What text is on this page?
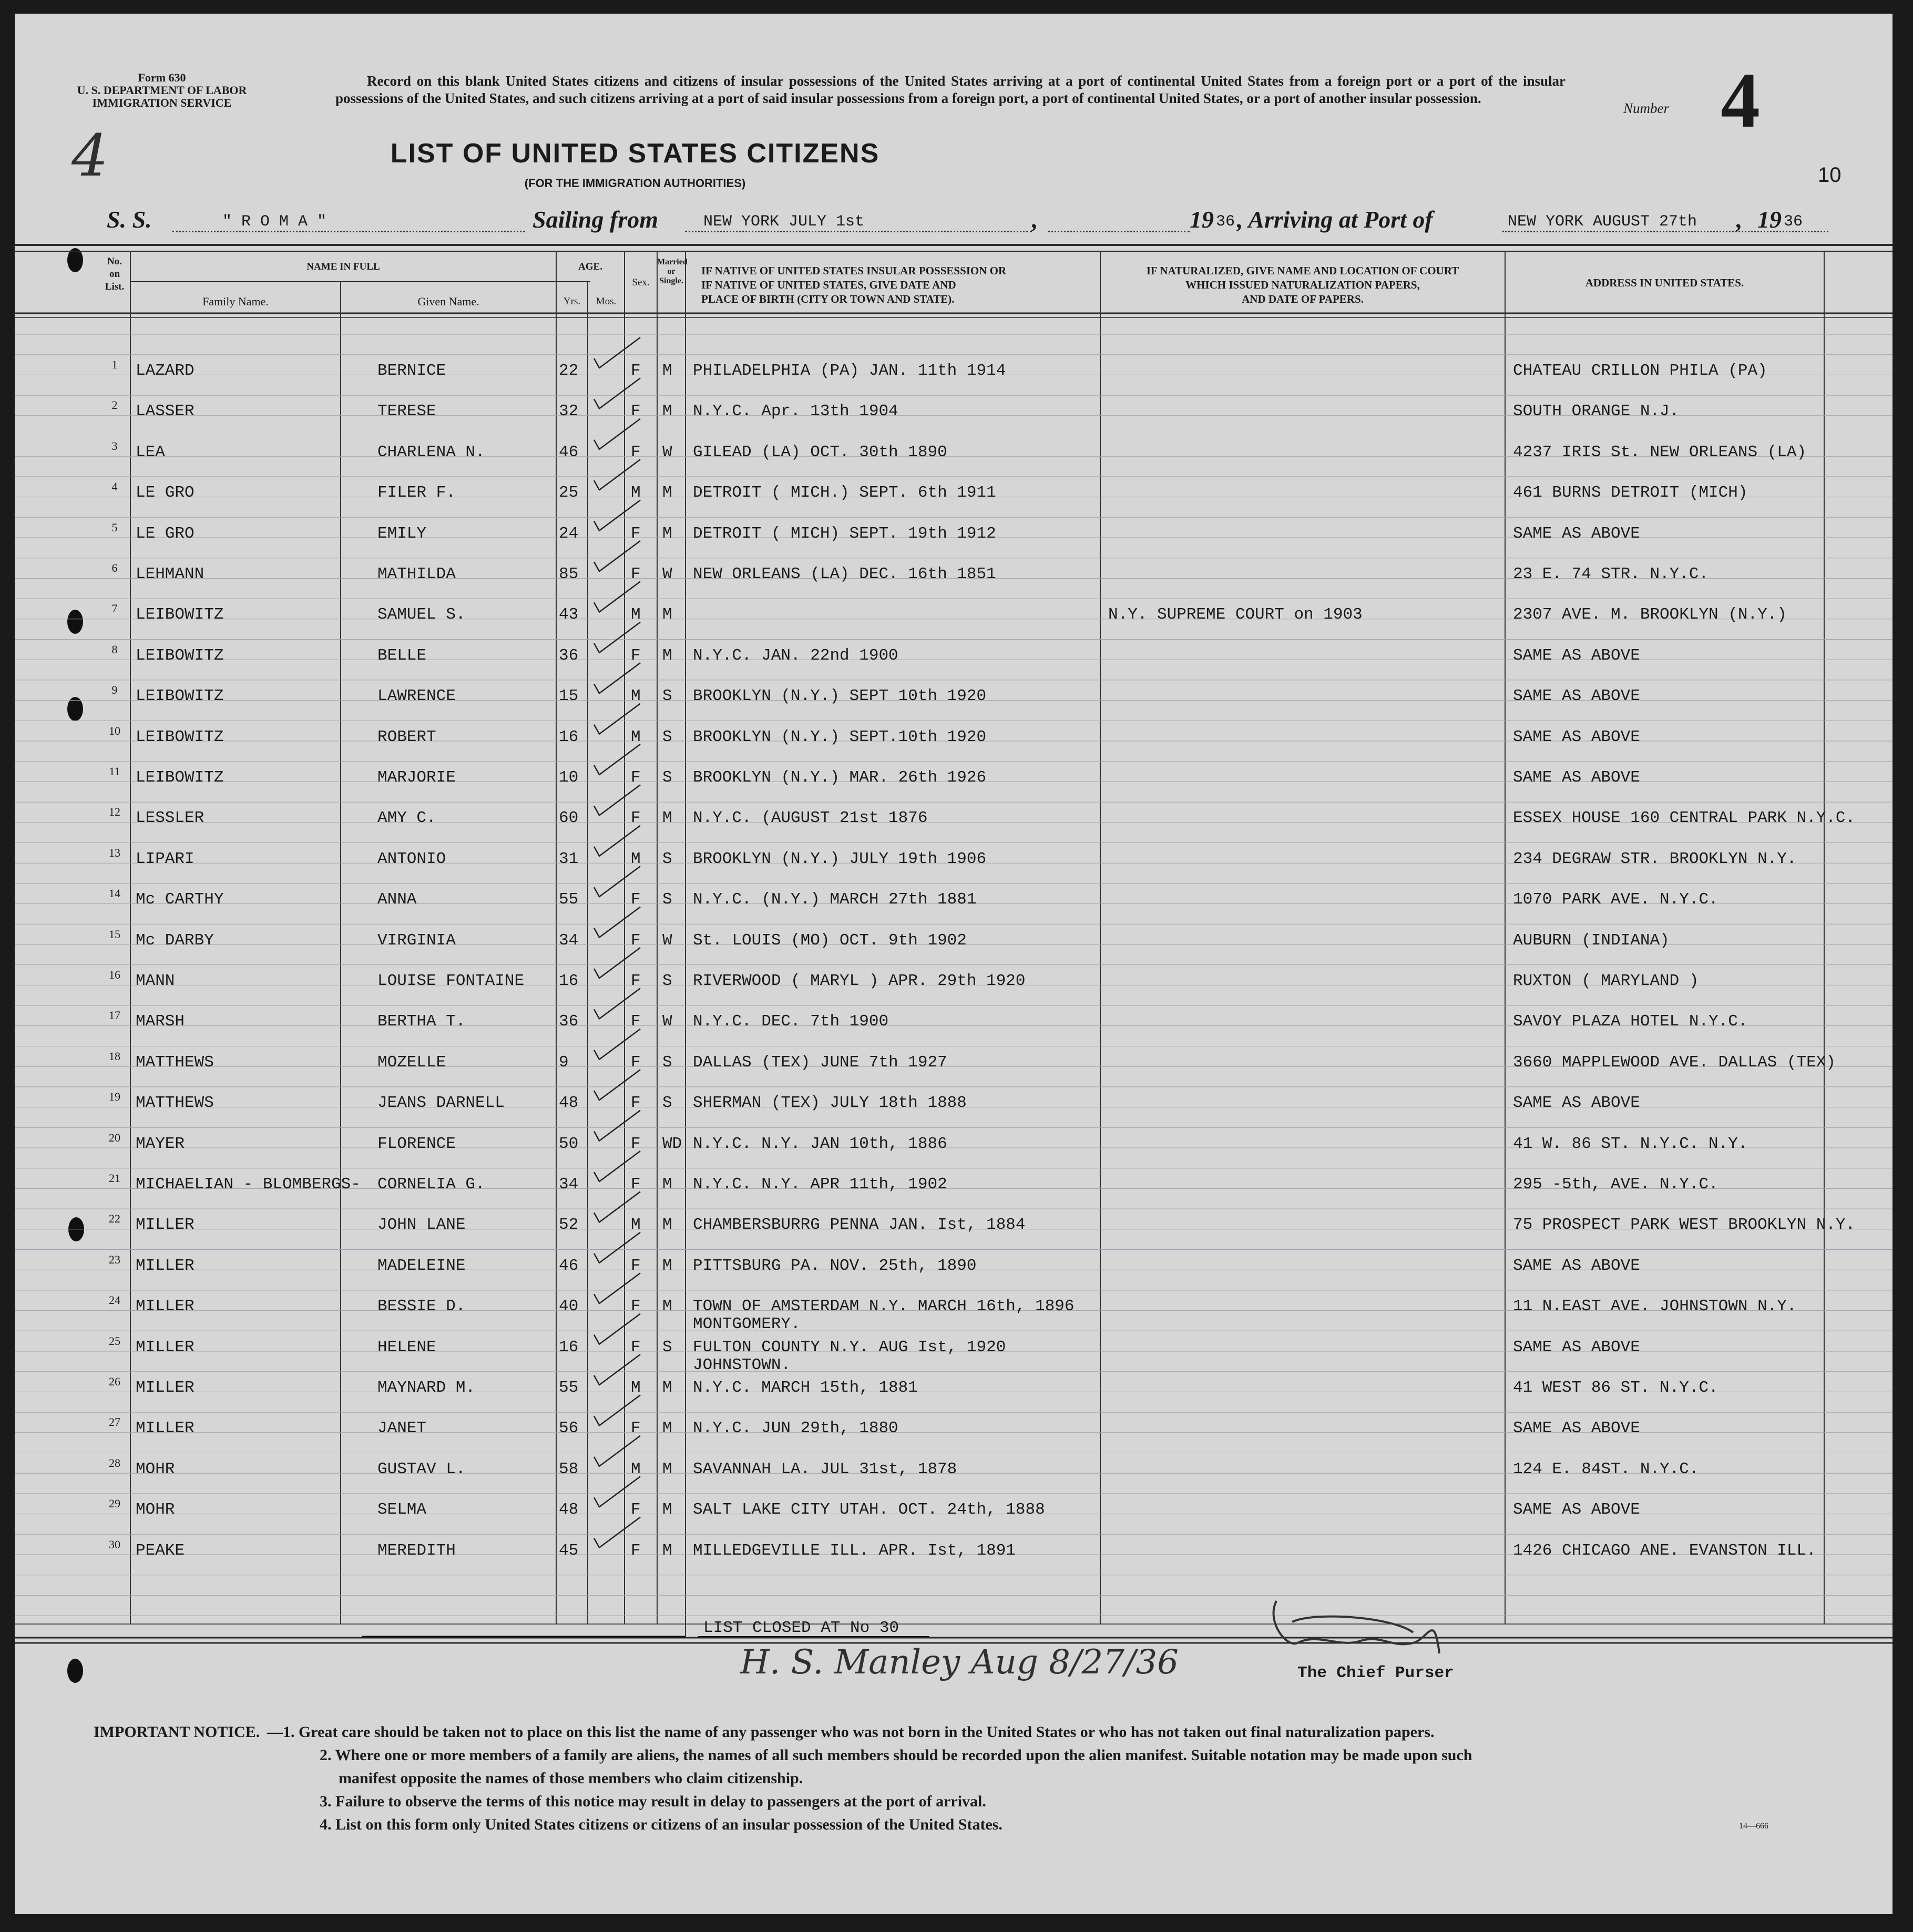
Form 630
U. S. DEPARTMENT OF LABOR
IMMIGRATION SERVICE
4
Record on this blank United States citizens and citizens of insular possessions of the United States arriving at a port of continental United States from a foreign port or a port of the insular possessions of the United States, and such citizens arriving at a port of said insular possessions from a foreign port, a port of continental United States, or a port of another insular possession.
Number 4
10
LIST OF UNITED STATES CITIZENS
(FOR THE IMMIGRATION AUTHORITIES)
S. S.	" R O M A "	Sailing from	NEW YORK JULY 1st	,	19 36 , Arriving at Port of	NEW YORK AUGUST 27th , 19 36
No.
on
List.
NAME IN FULL
Family Name.	Given Name.
AGE.
Yrs.	Mos.
Sex.
Married
or Single.
IF NATIVE OF UNITED STATES INSULAR POSSESSION OR
IF NATIVE OF UNITED STATES, GIVE DATE AND
PLACE OF BIRTH (CITY OR TOWN AND STATE).
IF NATURALIZED, GIVE NAME AND LOCATION OF COURT
WHICH ISSUED NATURALIZATION PAPERS,
AND DATE OF PAPERS.
ADDRESS IN UNITED STATES.
1	LAZARD	BERNICE	22	F M PHILADELPHIA (PA) JAN. 11th 1914	CHATEAU CRILLON PHILA (PA)
2	LASSER	TERESE	32	F M N.Y.C. Apr. 13th 1904	SOUTH ORANGE N.J.
3	LEA	CHARLENA N.	46	F W GILEAD (LA) OCT. 30th 1890	4237 IRIS St. NEW ORLEANS (LA)
4	LE GRO	FILER F.	25	M M DETROIT ( MICH.) SEPT. 6th 1911	461 BURNS DETROIT (MICH)
5	LE GRO	EMILY	24	F M DETROIT ( MICH) SEPT. 19th 1912	SAME AS ABOVE
6	LEHMANN	MATHILDA	85	F W NEW ORLEANS (LA) DEC. 16th 1851	23 E. 74 STR. N.Y.C.
7	LEIBOWITZ	SAMUEL S.	43	M M	N.Y. SUPREME COURT on 1903	2307 AVE. M. BROOKLYN (N.Y.)
8	LEIBOWITZ	BELLE	36	F M N.Y.C. JAN. 22nd 1900	SAME AS ABOVE
9	LEIBOWITZ	LAWRENCE	15	M S BROOKLYN (N.Y.) SEPT 10th 1920	SAME AS ABOVE
10 LEIBOWITZ	ROBERT	16	M S BROOKLYN (N.Y.) SEPT.10th 1920	SAME AS ABOVE
11 LEIBOWITZ	MARJORIE	10	F S BROOKLYN (N.Y.) MAR. 26th 1926	SAME AS ABOVE
12 LESSLER	AMY C.	60	F M N.Y.C. (AUGUST 21st 1876	ESSEX HOUSE 160 CENTRAL PARK N.Y.C.
13 LIPARI	ANTONIO	31	M S BROOKLYN (N.Y.) JULY 19th 1906	234 DEGRAW STR. BROOKLYN N.Y.
14 Mc CARTHY	ANNA	55	F S N.Y.C. (N.Y.) MARCH 27th 1881	1070 PARK AVE. N.Y.C.
15 Mc DARBY	VIRGINIA	34	F W St. LOUIS (MO) OCT. 9th 1902	AUBURN (INDIANA)
16 MANN	LOUISE FONTAINE 16	F S RIVERWOOD ( MARYL ) APR. 29th 1920	RUXTON ( MARYLAND )
17 MARSH	BERTHA T.	36	F W N.Y.C. DEC. 7th 1900	SAVOY PLAZA HOTEL N.Y.C.
18 MATTHEWS	MOZELLE	9	F S DALLAS (TEX) JUNE 7th 1927	3660 MAPPLEWOOD AVE. DALLAS (TEX)
19 MATTHEWS	JEANS DARNELL	48	F S SHERMAN (TEX) JULY 18th 1888	SAME AS ABOVE
20 MAYER	FLORENCE	50	F WD N.Y.C. N.Y. JAN 10th, 1886	41 W. 86 ST. N.Y.C. N.Y.
21 MICHAELIAN - BLOMBERGS- CORNELIA G.	34	F M N.Y.C. N.Y. APR 11th, 1902	295 -5th, AVE. N.Y.C.
22 MILLER	JOHN LANE	52	M M CHAMBERSBURRG PENNA JAN. Ist, 1884	75 PROSPECT PARK WEST BROOKLYN N.Y.
23 MILLER	MADELEINE	46	F M PITTSBURG PA. NOV. 25th, 1890	SAME AS ABOVE
24 MILLER	BESSIE D.	40	F M TOWN OF AMSTERDAM N.Y. MARCH 16th, 1896	11 N.EAST AVE. JOHNSTOWN N.Y.
MONTGOMERY.
25 MILLER	HELENE	16	F S FULTON COUNTY N.Y. AUG Ist, 1920	SAME AS ABOVE
JOHNSTOWN.
26 MILLER	MAYNARD M.	55	M M N.Y.C. MARCH 15th, 1881	41 WEST 86 ST. N.Y.C.
27 MILLER	JANET	56	F M N.Y.C. JUN 29th, 1880	SAME AS ABOVE
28 MOHR	GUSTAV L.	58	M M SAVANNAH LA. JUL 31st, 1878	124 E. 84ST. N.Y.C.
29 MOHR	SELMA	48	F M SALT LAKE CITY UTAH. OCT. 24th, 1888	SAME AS ABOVE
30 PEAKE	MEREDITH	45	F M MILLEDGEVILLE ILL. APR. Ist, 1891	1426 CHICAGO ANE. EVANSTON ILL.
LIST CLOSED AT No 30
H. S. Manley Aug 8/27/36	The Chief Purser
IMPORTANT NOTICE. —1. Great care should be taken not to place on this list the name of any passenger who was not born in the United States or who has not taken out final naturalization papers.
2. Where one or more members of a family are aliens, the names of all such members should be recorded upon the alien manifest. Suitable notation may be made upon such
manifest opposite the names of those members who claim citizenship.
3. Failure to observe the terms of this notice may result in delay to passengers at the port of arrival.
4. List on this form only United States citizens or citizens of an insular possession of the United States.	14—666
